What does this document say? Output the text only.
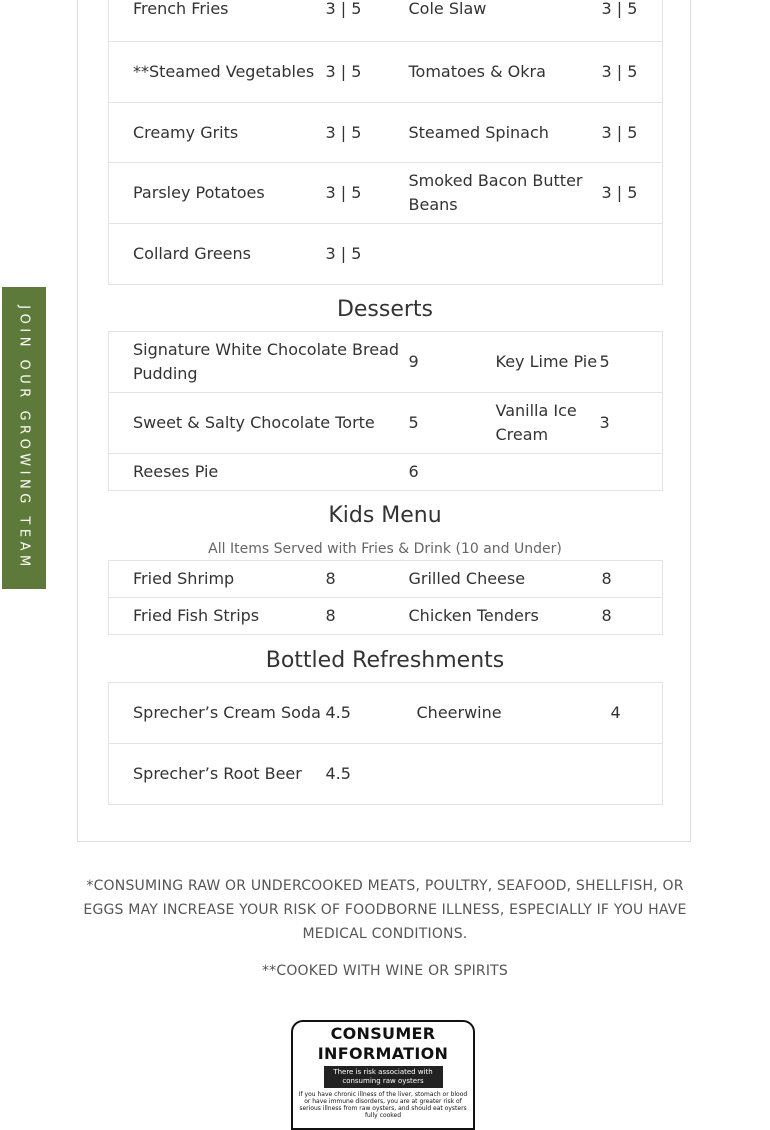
JOIN OUR GROWING TEAM
French Fries	3 | 5	Cole Slaw	3 | 5
**Steamed Vegetables	3 | 5	Tomatoes & Okra	3 | 5
Creamy Grits	3 | 5	Steamed Spinach	3 | 5
Parsley Potatoes	3 | 5	Smoked Bacon Butter Beans	3 | 5
Collard Greens	3 | 5		
Desserts
Signature White Chocolate Bread Pudding	9	Key Lime Pie	5
Sweet & Salty Chocolate Torte	5	Vanilla Ice Cream	3
Reeses Pie	6		
Kids Menu
All Items Served with Fries & Drink (10 and Under)
Fried Shrimp	8	Grilled Cheese	8
Fried Fish Strips	8	Chicken Tenders	8
Bottled Refreshments
Sprecher’s Cream Soda	4.5	Cheerwine	4
Sprecher’s Root Beer	4.5		
*CONSUMING RAW OR UNDERCOOKED MEATS, POULTRY, SEAFOOD, SHELLFISH, OR EGGS MAY INCREASE YOUR RISK OF FOODBORNE ILLNESS, ESPECIALLY IF YOU HAVE MEDICAL CONDITIONS.
**COOKED WITH WINE OR SPIRITS
CONSUMER INFORMATION
There is risk associated with consuming raw oysters
If you have chronic illness of the liver, stomach or blood or have immune disorders, you are at greater risk of serious illness from raw oysters, and should eat oysters fully cooked
